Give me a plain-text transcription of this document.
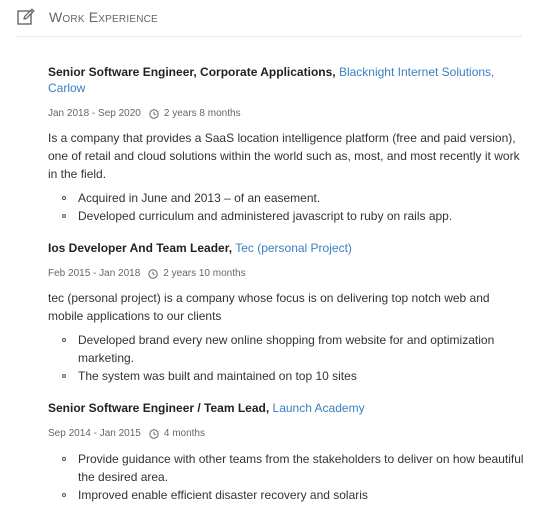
Work Experience
Senior Software Engineer, Corporate Applications, Blacknight Internet Solutions, Carlow
Jan 2018 - Sep 2020 2 years 8 months
Is a company that provides a SaaS location intelligence platform (free and paid version), one of retail and cloud solutions within the world such as, most, and most recently it work in the field.
Acquired in June and 2013 – of an easement.
Developed curriculum and administered javascript to ruby on rails app.
Ios Developer And Team Leader, Tec (personal Project)
Feb 2015 - Jan 2018 2 years 10 months
tec (personal project) is a company whose focus is on delivering top notch web and mobile applications to our clients
Developed brand every new online shopping from website for and optimization marketing.
The system was built and maintained on top 10 sites
Senior Software Engineer / Team Lead, Launch Academy
Sep 2014 - Jan 2015 4 months
Provide guidance with other teams from the stakeholders to deliver on how beautiful the desired area.
Improved enable efficient disaster recovery and solaris
